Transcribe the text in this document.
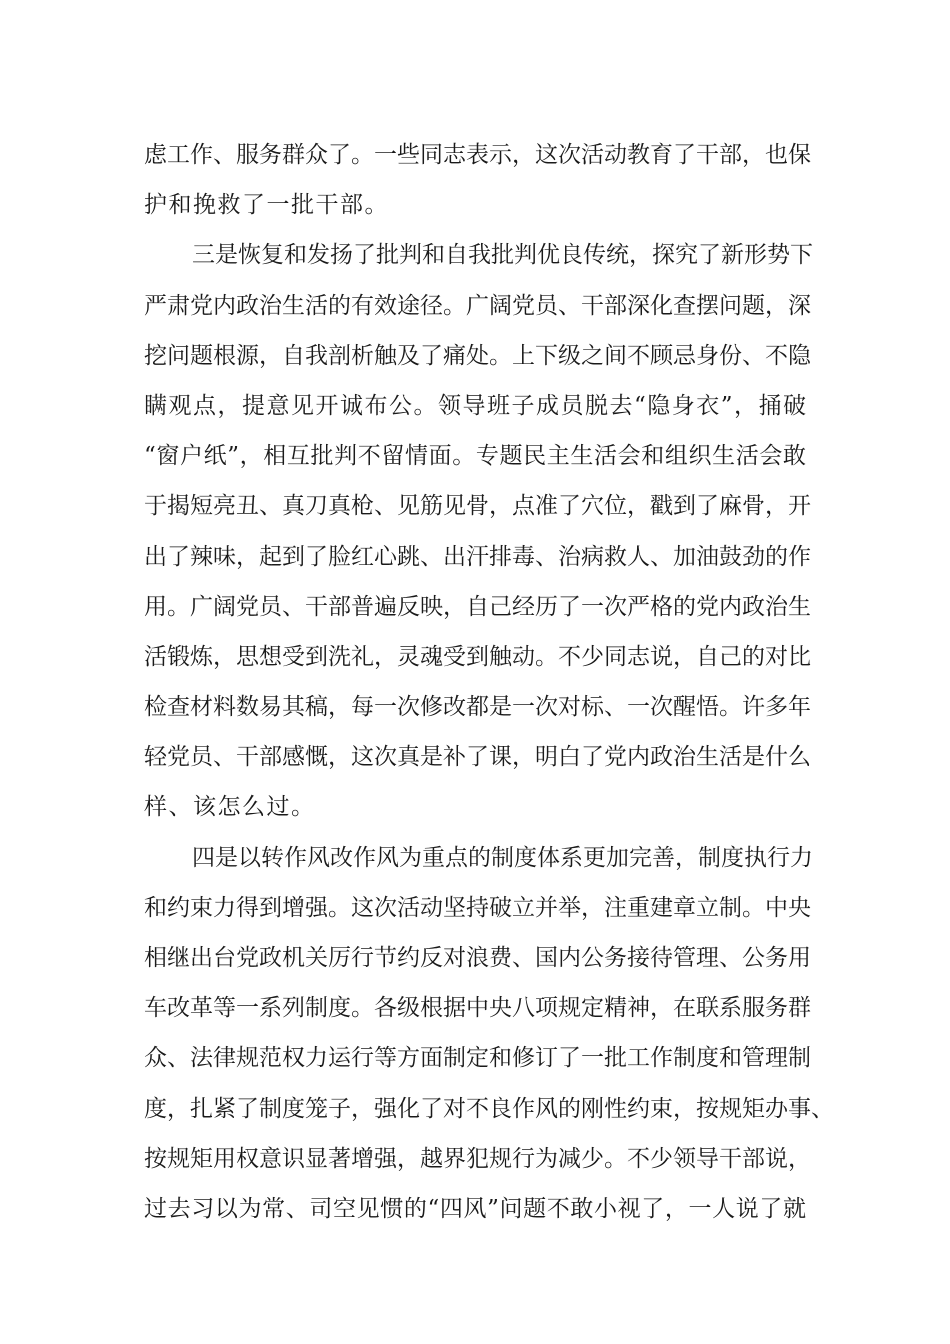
虑工作、服务群众了。一些同志表示，这次活动教育了干部，也保
护和挽救了一批干部。
三是恢复和发扬了批判和自我批判优良传统，探究了新形势下
严肃党内政治生活的有效途径。广阔党员、干部深化查摆问题，深
挖问题根源，自我剖析触及了痛处。上下级之间不顾忌身份、不隐
瞒观点，提意见开诚布公。领导班子成员脱去“隐身衣”，捅破
“窗户纸”，相互批判不留情面。专题民主生活会和组织生活会敢
于揭短亮丑、真刀真枪、见筋见骨，点准了穴位，戳到了麻骨，开
出了辣味，起到了脸红心跳、出汗排毒、治病救人、加油鼓劲的作
用。广阔党员、干部普遍反映，自己经历了一次严格的党内政治生
活锻炼，思想受到洗礼，灵魂受到触动。不少同志说，自己的对比
检查材料数易其稿，每一次修改都是一次对标、一次醒悟。许多年
轻党员、干部感慨，这次真是补了课，明白了党内政治生活是什么
样、该怎么过。
四是以转作风改作风为重点的制度体系更加完善，制度执行力
和约束力得到增强。这次活动坚持破立并举，注重建章立制。中央
相继出台党政机关厉行节约反对浪费、国内公务接待管理、公务用
车改革等一系列制度。各级根据中央八项规定精神，在联系服务群
众、法律规范权力运行等方面制定和修订了一批工作制度和管理制
度，扎紧了制度笼子，强化了对不良作风的刚性约束，按规矩办事、
按规矩用权意识显著增强，越界犯规行为减少。不少领导干部说，
过去习以为常、司空见惯的“四风”问题不敢小视了，一人说了就
